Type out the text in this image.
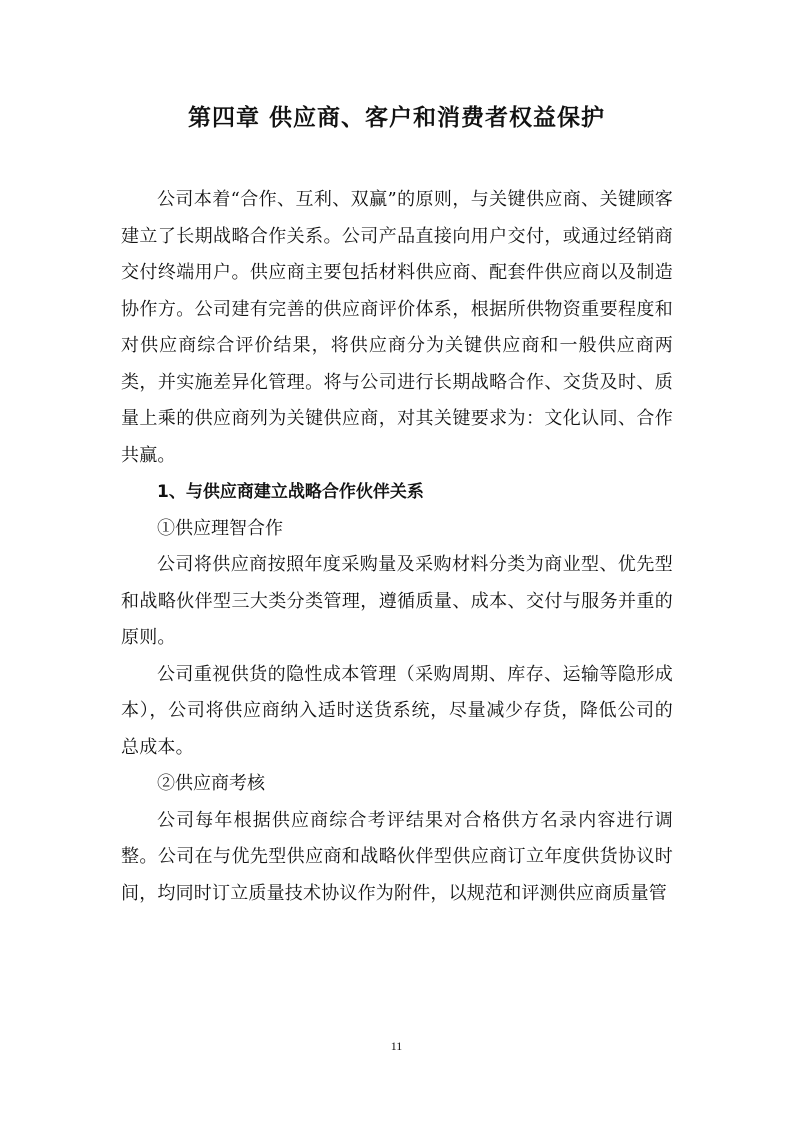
第四章 供应商、客户和消费者权益保护

公司本着“合作、互利、双赢”的原则，与关键供应商、关键顾客建立了长期战略合作关系。公司产品直接向用户交付，或通过经销商交付终端用户。供应商主要包括材料供应商、配套件供应商以及制造协作方。公司建有完善的供应商评价体系，根据所供物资重要程度和对供应商综合评价结果，将供应商分为关键供应商和一般供应商两类，并实施差异化管理。将与公司进行长期战略合作、交货及时、质量上乘的供应商列为关键供应商，对其关键要求为：文化认同、合作共赢。

1、与供应商建立战略合作伙伴关系

①供应理智合作

公司将供应商按照年度采购量及采购材料分类为商业型、优先型和战略伙伴型三大类分类管理，遵循质量、成本、交付与服务并重的原则。

公司重视供货的隐性成本管理（采购周期、库存、运输等隐形成本），公司将供应商纳入适时送货系统，尽量减少存货，降低公司的总成本。

②供应商考核

公司每年根据供应商综合考评结果对合格供方名录内容进行调整。公司在与优先型供应商和战略伙伴型供应商订立年度供货协议时间，均同时订立质量技术协议作为附件，以规范和评测供应商质量管

11
